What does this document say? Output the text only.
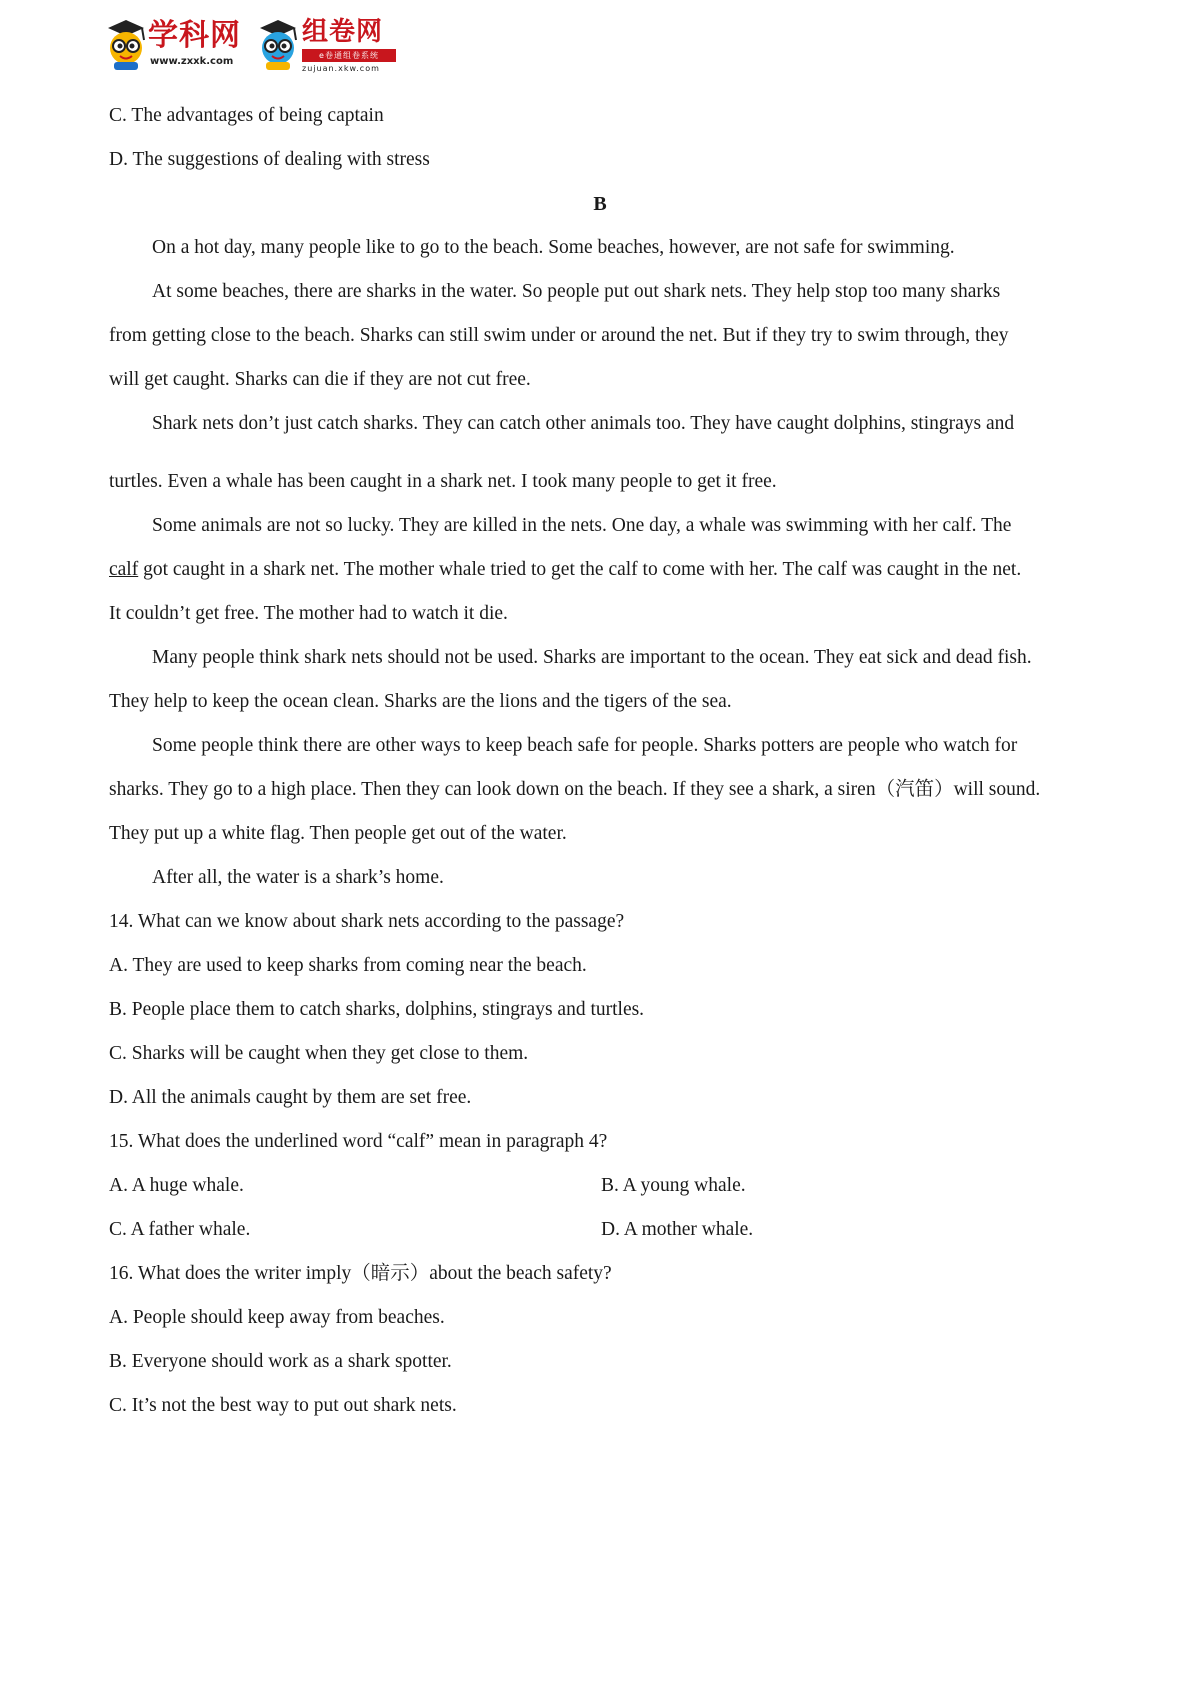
学科网
www.zxxk.com
组卷网
e卷通组卷系统
zujuan.xkw.com
C. The advantages of being captain
D. The suggestions of dealing with stress
B
On a hot day, many people like to go to the beach. Some beaches, however, are not safe for swimming.
At some beaches, there are sharks in the water. So people put out shark nets. They help stop too many sharks
from getting close to the beach. Sharks can still swim under or around the net. But if they try to swim through, they
will get caught. Sharks can die if they are not cut free.
Shark nets don’t just catch sharks. They can catch other animals too. They have caught dolphins, stingrays and
turtles. Even a whale has been caught in a shark net. I took many people to get it free.
Some animals are not so lucky. They are killed in the nets. One day, a whale was swimming with her calf. The
calf got caught in a shark net. The mother whale tried to get the calf to come with her. The calf was caught in the net.
It couldn’t get free. The mother had to watch it die.
Many people think shark nets should not be used. Sharks are important to the ocean. They eat sick and dead fish.
They help to keep the ocean clean. Sharks are the lions and the tigers of the sea.
Some people think there are other ways to keep beach safe for people. Sharks potters are people who watch for
sharks. They go to a high place. Then they can look down on the beach. If they see a shark, a siren（汽笛）will sound.
They put up a white flag. Then people get out of the water.
After all, the water is a shark’s home.
14. What can we know about shark nets according to the passage?
A. They are used to keep sharks from coming near the beach.
B. People place them to catch sharks, dolphins, stingrays and turtles.
C. Sharks will be caught when they get close to them.
D. All the animals caught by them are set free.
15. What does the underlined word “calf” mean in paragraph 4?
A. A huge whale.	B. A young whale.
C. A father whale.	D. A mother whale.
16. What does the writer imply（暗示）about the beach safety?
A. People should keep away from beaches.
B. Everyone should work as a shark spotter.
C. It’s not the best way to put out shark nets.
